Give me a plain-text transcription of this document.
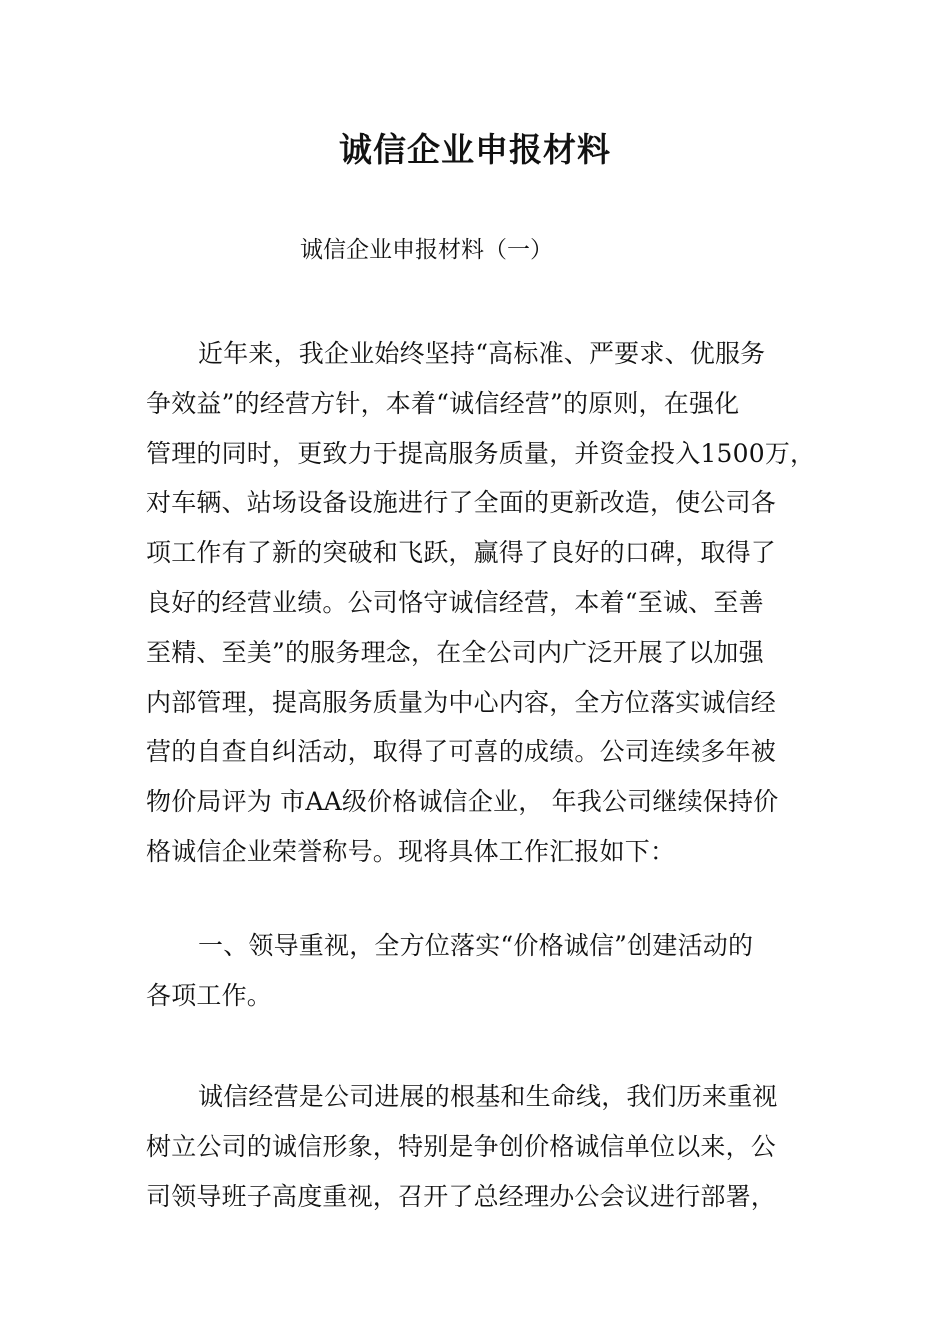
诚信企业申报材料
诚信企业申报材料（一）
近年来，我企业始终坚持“高标准、严要求、优服务
争效益”的经营方针，本着“诚信经营”的原则，在强化
管理的同时，更致力于提高服务质量，并资金投入1500万，
对车辆、站场设备设施进行了全面的更新改造，使公司各
项工作有了新的突破和飞跃，赢得了良好的口碑，取得了
良好的经营业绩。公司恪守诚信经营，本着“至诚、至善
至精、至美”的服务理念，在全公司内广泛开展了以加强
内部管理，提高服务质量为中心内容，全方位落实诚信经
营的自查自纠活动，取得了可喜的成绩。公司连续多年被
物价局评为 市AA级价格诚信企业， 年我公司继续保持价
格诚信企业荣誉称号。现将具体工作汇报如下：
一、领导重视，全方位落实“价格诚信”创建活动的
各项工作。
诚信经营是公司进展的根基和生命线，我们历来重视
树立公司的诚信形象，特别是争创价格诚信单位以来，公
司领导班子高度重视，召开了总经理办公会议进行部署，
